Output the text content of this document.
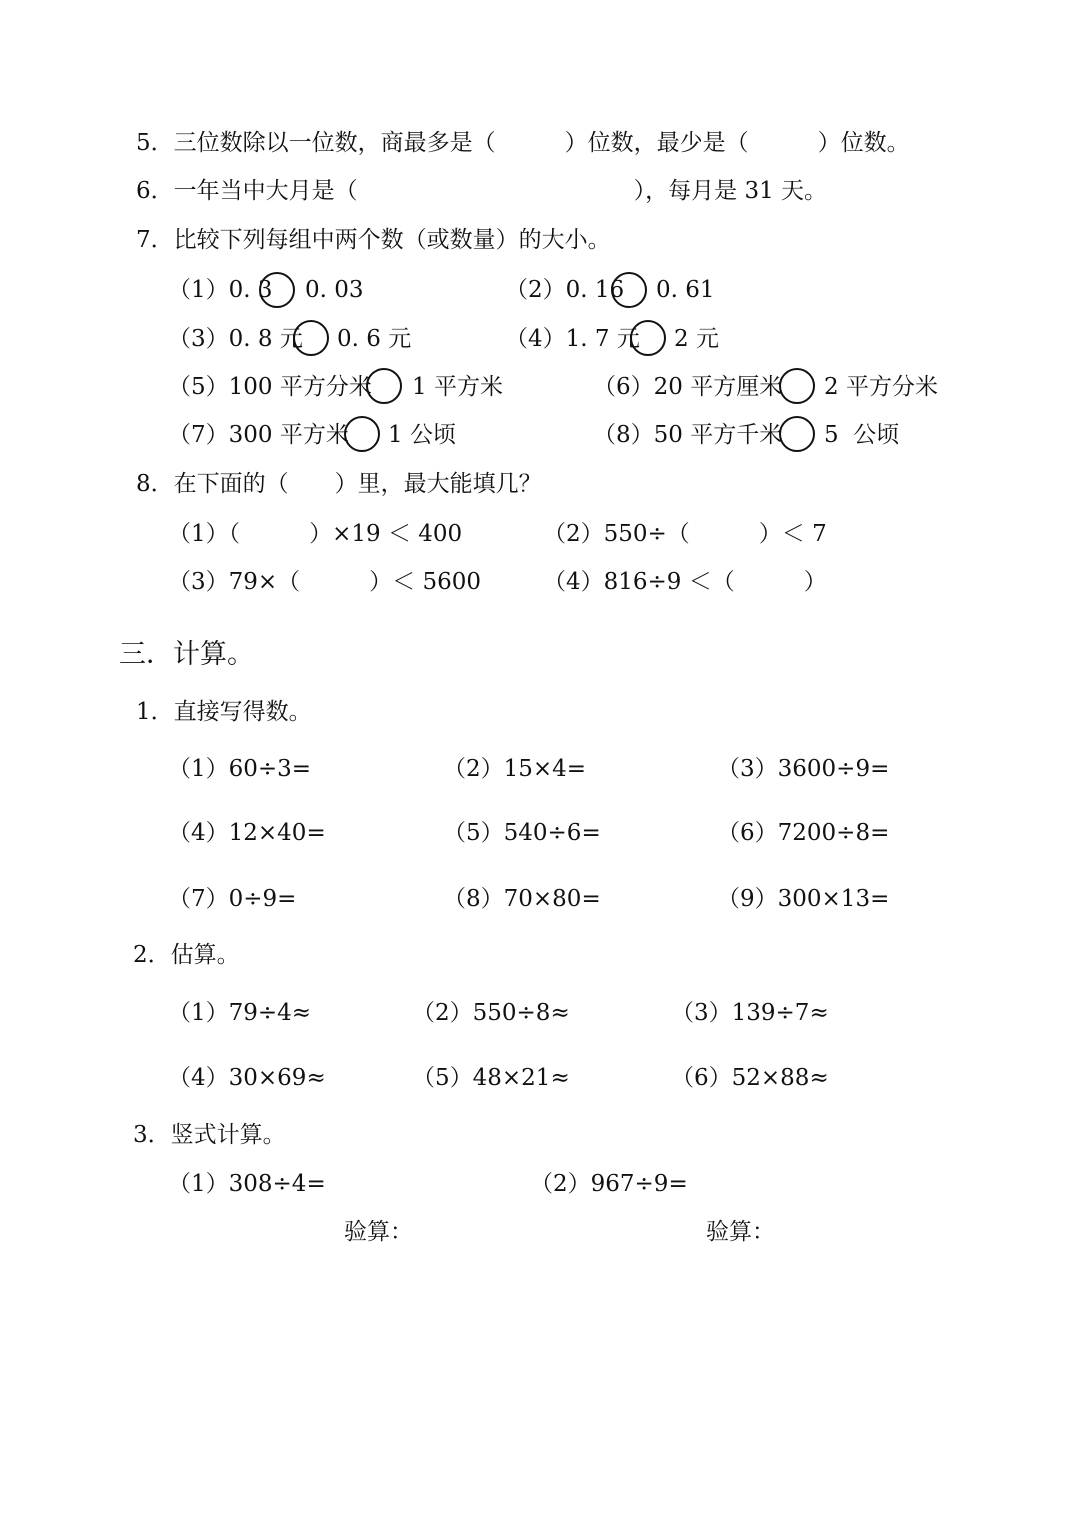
5．三位数除以一位数，商最多是（　　　）位数，最少是（　　　）位数。
6．一年当中大月是（　　　　　　　　　　　　），每月是 31 天。
7．比较下列每组中两个数（或数量）的大小。
（1）0. 3 0. 03	（2）0. 16 0. 61
（3）0. 8 元 0. 6 元	（4）1. 7 元 2 元
（5）100 平方分米 1 平方米	（6）20 平方厘米 2 平方分米
（7）300 平方米 1 公顷	（8）50 平方千米 5  公顷
8．在下面的（　　）里，最大能填几？
（1）（　　　）×19 ＜ 400	（2）550÷（　　　）＜ 7
（3）79×（　　　）＜ 5600	（4）816÷9 ＜（　　　）
三．计算。
1．直接写得数。
（1）60÷3=	（2）15×4=	（3）3600÷9=
（4）12×40=	（5）540÷6=	（6）7200÷8=
（7）0÷9=	（8）70×80=	（9）300×13=
2．估算。
（1）79÷4≈	（2）550÷8≈	（3）139÷7≈
（4）30×69≈	（5）48×21≈	（6）52×88≈
3．竖式计算。
（1）308÷4=	（2）967÷9=
验算：	验算：
